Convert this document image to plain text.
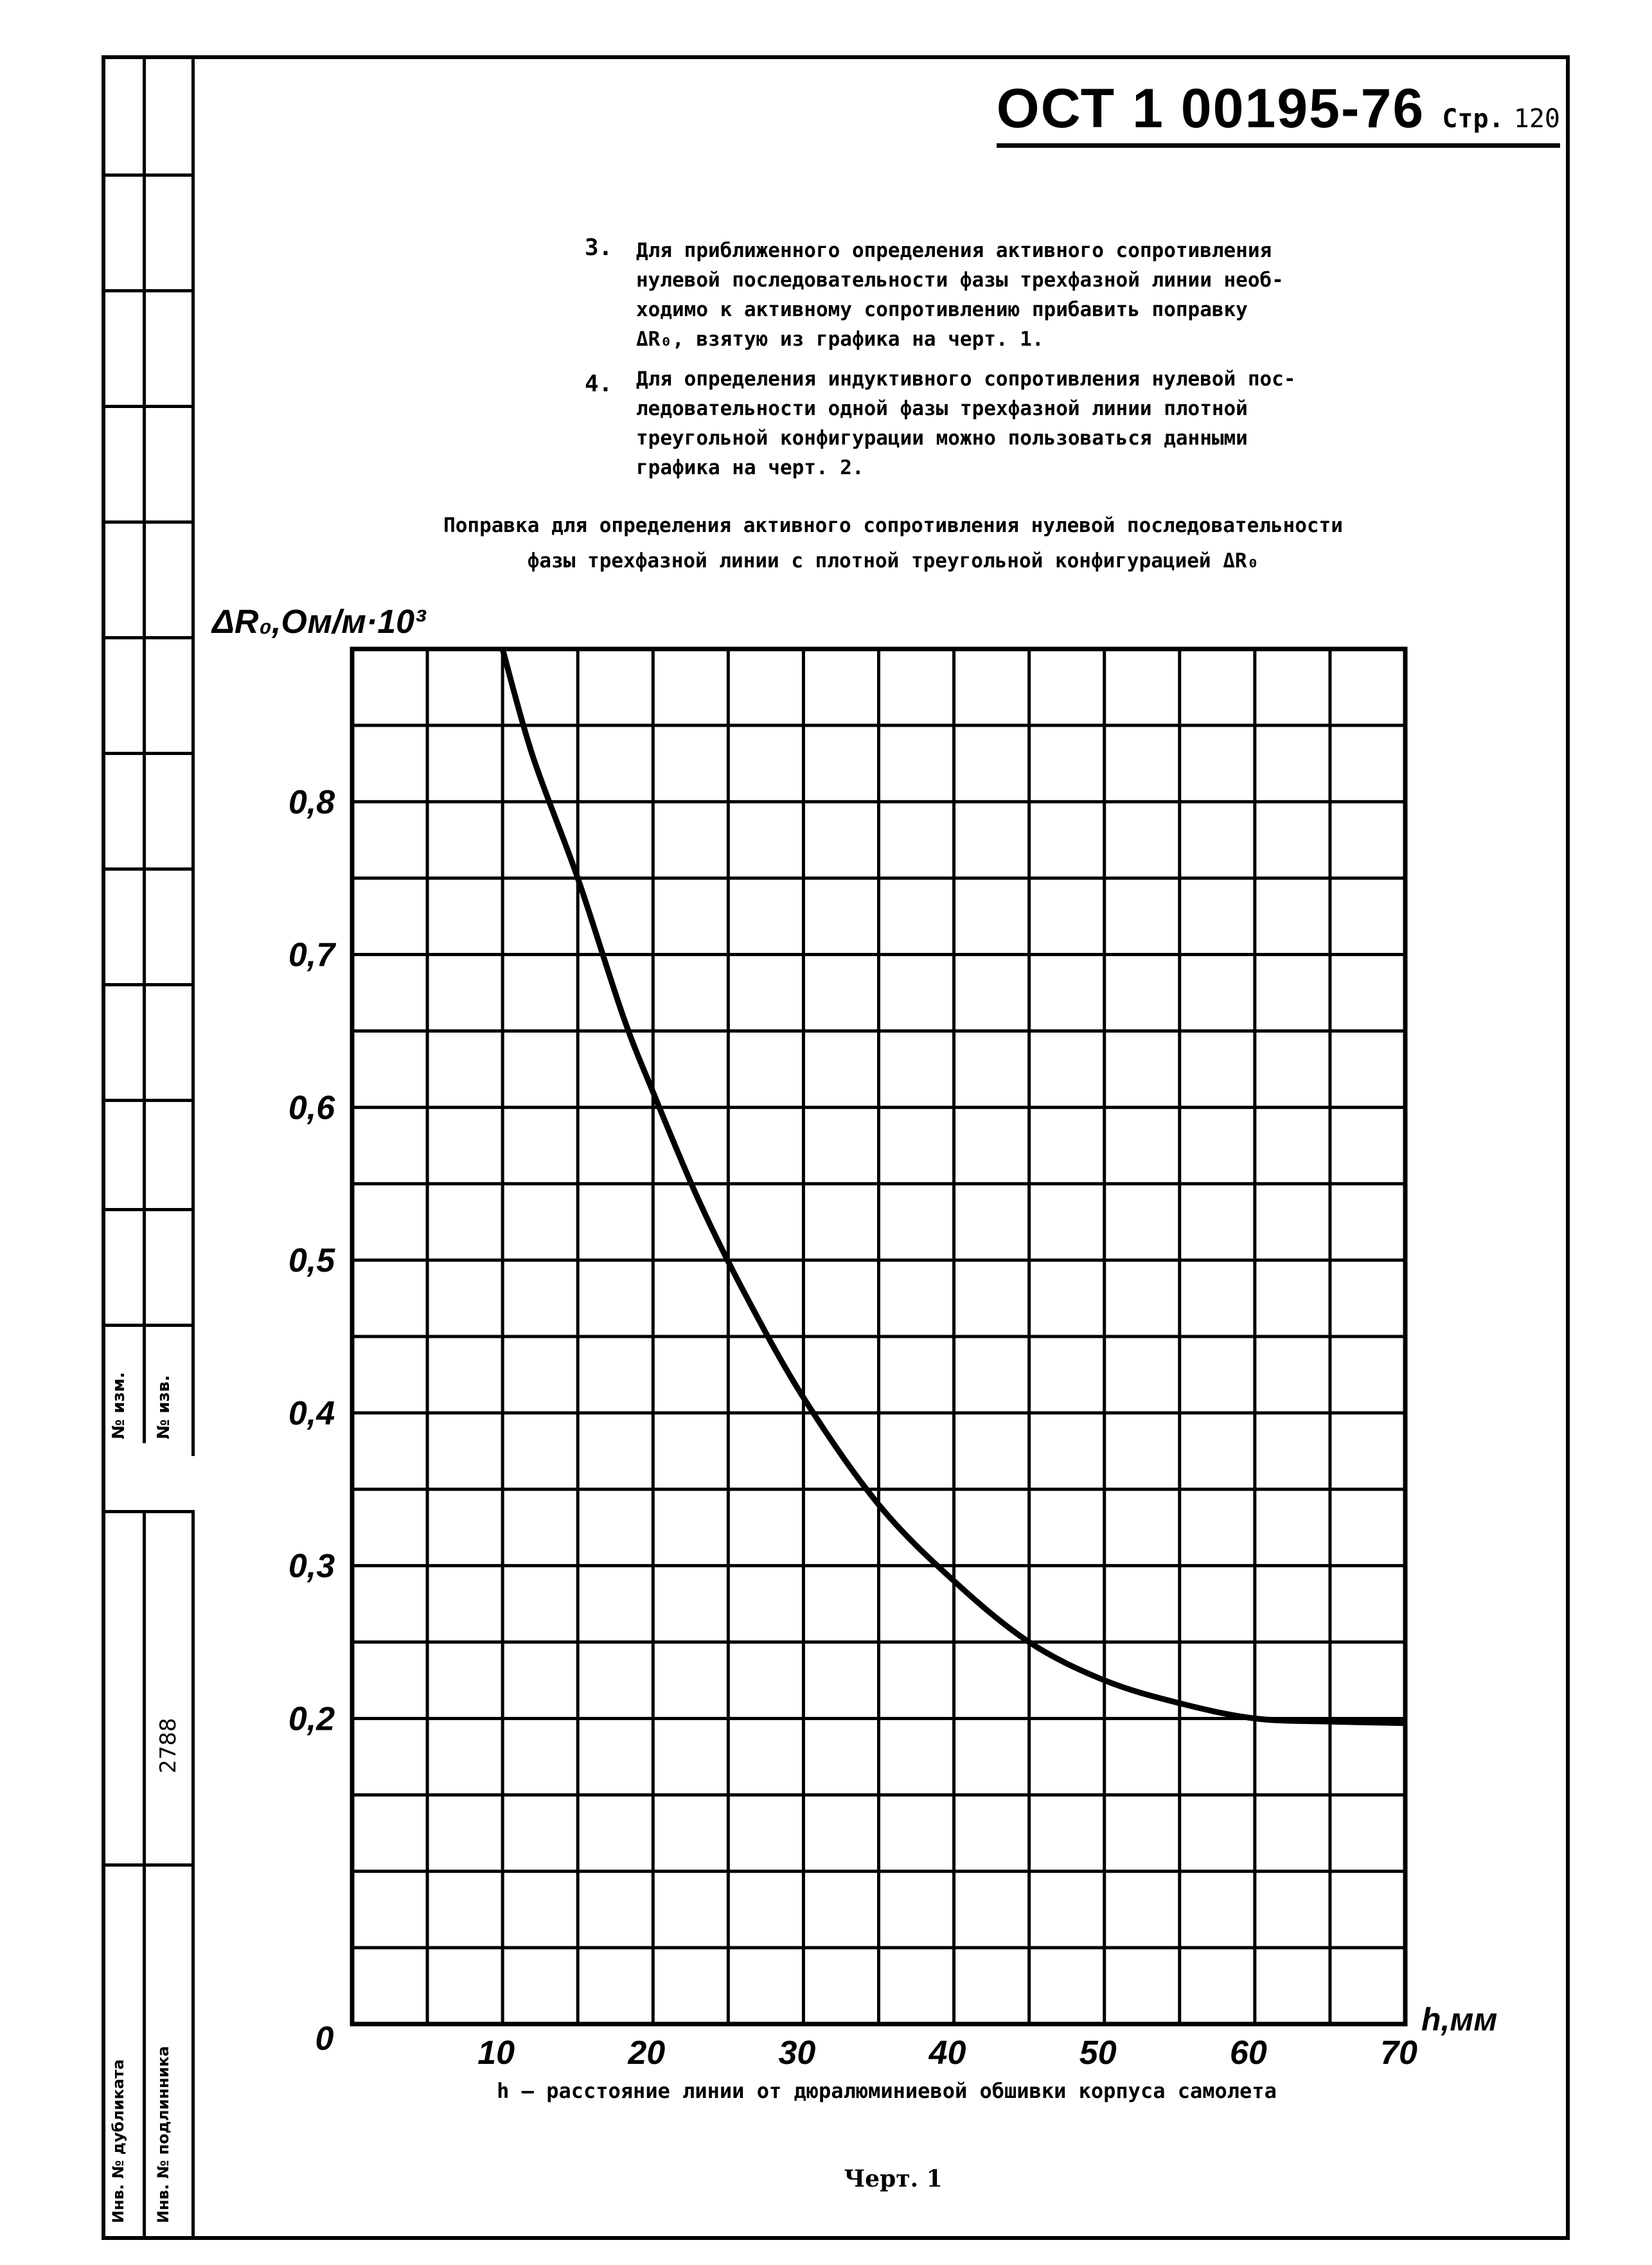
№ изм. № изв.
2788
Инв. № дубликата Инв. № подлинника
ОСТ 1 00195-76 Стр. 120
3. Для приближенного определения активного сопротивления
нулевой последовательности фазы трехфазной линии необ-
ходимо к активному сопротивлению прибавить поправку
ΔR₀, взятую из графика на черт. 1.
4. Для определения индуктивного сопротивления нулевой пос-
ледовательности одной фазы трехфазной линии плотной
треугольной конфигурации можно пользоваться данными
графика на черт. 2.
Поправка для определения активного сопротивления нулевой последовательности
фазы трехфазной линии с плотной треугольной конфигурацией ΔR₀
0,2
0,3
0,4
0,5
0,6
0,7
0,8
10	20	30	40	50	60	70
0
h,мм
ΔR₀,Ом/м·10³
h – расстояние линии от дюралюминиевой обшивки корпуса самолета
Черт. 1
